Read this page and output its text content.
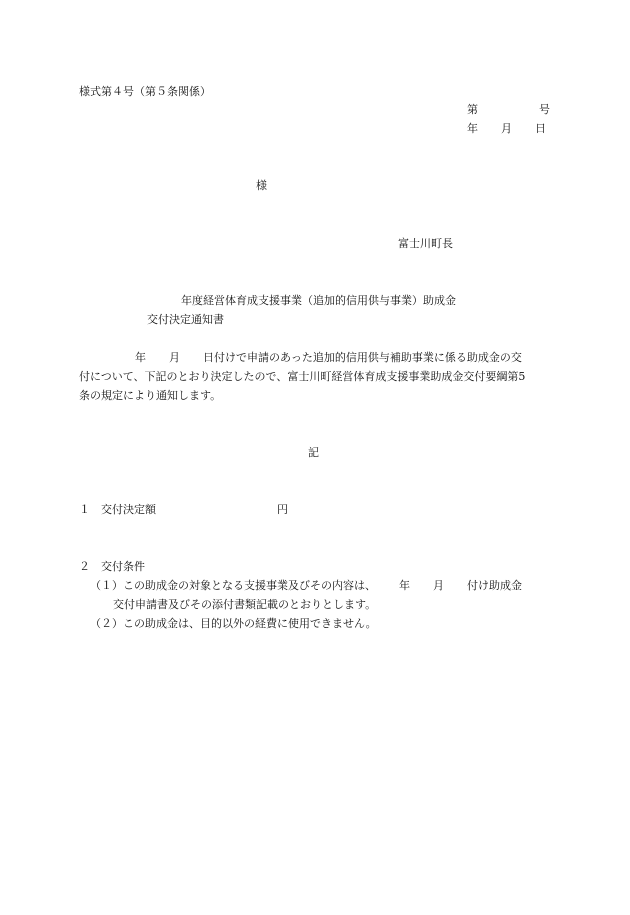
様式第４号（第５条関係）

第	号

年 月 日

様

富士川町長

年度経営体育成支援事業（追加的信用供与事業）助成金

交付決定通知書

年 月 日付けで申請のあった追加的信用供与補助事業に係る助成金の交

付について、下記のとおり決定したので、富士川町経営体育成支援事業助成金交付要綱第5

条の規定により通知します。

記

１ 交付決定額	円

２ 交付条件

（１）この助成金の対象となる支援事業及びその内容は、 年 月 付け助成金

交付申請書及びその添付書類記載のとおりとします。

（２）この助成金は、目的以外の経費に使用できません。
